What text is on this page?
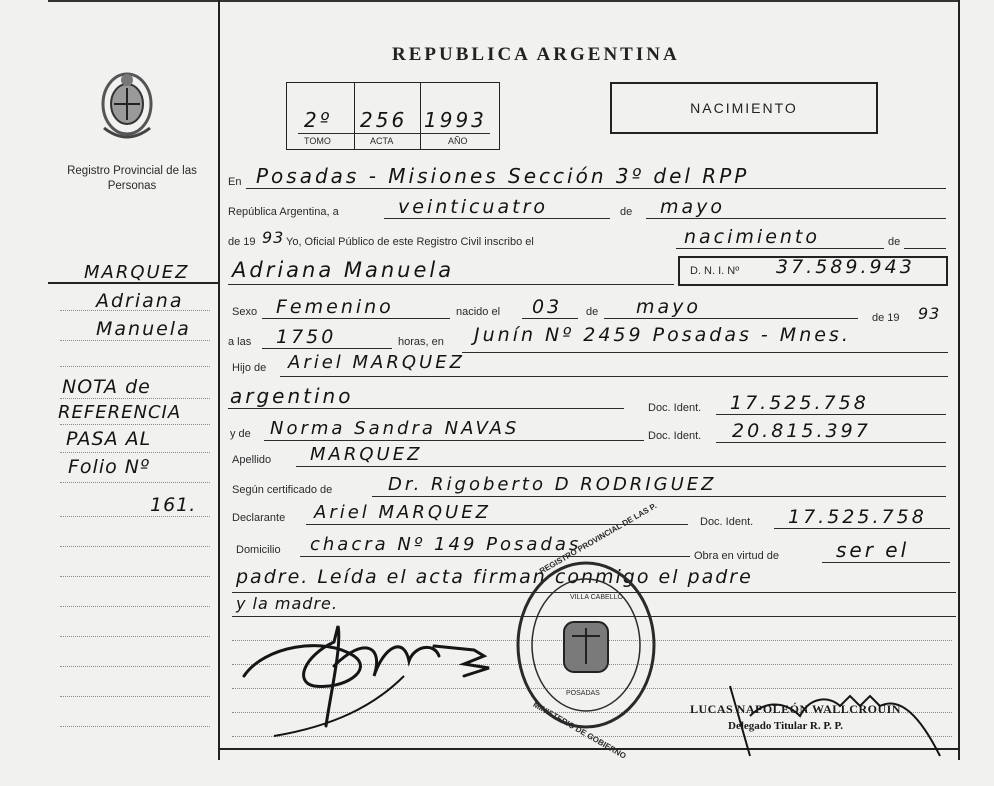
Registro Provincial de las Personas
REPUBLICA ARGENTINA
2º 256 1993
TOMO	ACTA	AÑO
NACIMIENTO
En Posadas - Misiones Sección 3º del RPP
República Argentina, a	veinticuatro	de mayo
de 19 93 Yo, Oficial Público de este Registro Civil inscribo el	nacimiento	de
Adriana Manuela	D. N. I. Nº 37.589.943
Sexo Femenino	nacido el 03 de mayo	de 19 93
a las 1750	horas, en Junín Nº 2459 Posadas - Mnes.
Hijo de Ariel MARQUEZ
argentino	Doc. Ident. 17.525.758
y de Norma Sandra NAVAS	Doc. Ident. 20.815.397
Apellido MARQUEZ
Según certificado de	Dr. Rigoberto D RODRIGUEZ
Declarante Ariel MARQUEZ	Doc. Ident. 17.525.758
Domicilio chacra Nº 149 Posadas
Obra en virtud de	ser el
padre. Leída el acta firman conmigo el padre
y la madre.
MARQUEZ
Adriana
Manuela
NOTA de
REFERENCIA
PASA AL
Folio Nº
161.	REGISTRO PROVINCIAL DE LAS P.
MINISTERIO DE GOBIERNO
VILLA CABELLO
POSADAS
LUCAS NAPOLEÓN WALLCROUIN
Delegado Titular R. P. P.
